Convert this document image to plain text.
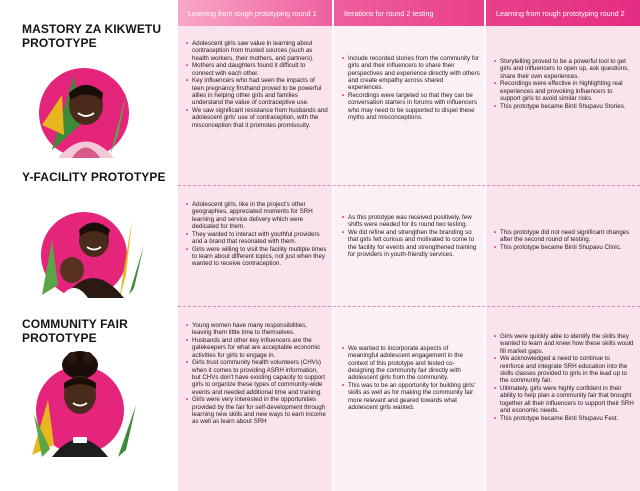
Learning from rough prototyping round 1	Iterations for round 2 testing	Learning from rough prototyping round 2
MASTORY ZA KIKWETU PROTOTYPE
•	Adolescent girls saw value in learning about contraception from trusted sources (such as health workers, their mothers, and partners).
• Mothers and daughters found it difficult to connect with each other.
• Key influencers who had seen the impacts of teen pregnancy firsthand proved to be powerful allies in helping other girls and families understand the value of contraceptive use.
• We saw significant resistance from husbands and adolescent girls' use of contraception, with the misconception that it promotes promiscuity.
• Include recorded stories from the community for girls and their influencers to share their perspectives and experience directly with others and create empathy across shared experiences.
• Recordings were targeted so that they can be conversation starters in forums with influencers who may need to be supported to dispel these myths and misconceptions.
• Storytelling proved to be a powerful tool to get girls and influencers to open up, ask questions, share their own experiences.
• Recordings were effective in highlighting real experiences and provoking influencers to support girls to avoid similar risks.
• This prototype became Binti Shupavu Stories.
Y-FACILITY PROTOTYPE
• Adolescent girls, like in the project's other geographies, appreciated moments for SRH learning and service delivery which were dedicated for them.
• They wanted to interact with youthful providers and a brand that resonated with them.
• Girls were willing to visit the facility multiple times to learn about different topics, not just when they wanted to receive contraception.
• As this prototype was received positively, few shifts were needed for its round two testing.
• We did refine and strengthen the branding so that girls felt curious and motivated to come to the facility for events and strengthened training for providers in youth-friendly services.
• This prototype did not need significant changes after the second round of testing.
• This prototype became Binti Shupavu Clinic.
COMMUNITY FAIR PROTOTYPE
• Young women have many responsibilities, leaving them little time to themselves.
• Husbands and other key influencers are the gatekeepers for what are acceptable economic activities for girls to engage in.
• Girls trust community health volunteers (CHVs) when it comes to providing ASRH information, but CHVs don't have existing capacity to support girls to organize these types of community-wide events and needed additional time and training.
• Girls were very interested in the opportunities provided by the fair for self-development through learning new skills and new ways to earn income as well as learn about SRH
• We wanted to incorporate aspects of meaningful adolescent engagement in the context of this prototype and tested co-designing the community fair directly with adolescent girls from the community.
• This was to be an opportunity for building girls' skills as well as for making the community fair more relevant and geared towards what adolescent girls wanted.
• Girls were quickly able to identify the skills they wanted to learn and knew how these skills would fill market gaps.
• We acknowledged a need to continue to reinforce and integrate SRH education into the skills classes provided to girls in the lead up to the community fair.
• Ultimately, girls were highly confident in their ability to help plan a community fair that brought together all their influencers to support their SRH and economic needs.
• This prototype became Binti Shupavu Fest.
